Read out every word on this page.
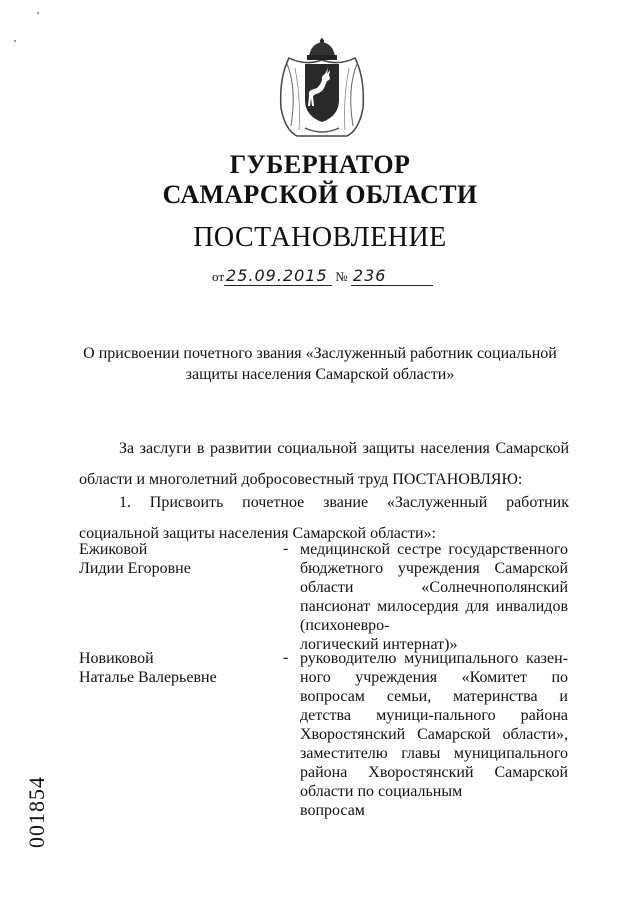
ГУБЕРНАТОР
САМАРСКОЙ ОБЛАСТИ
ПОСТАНОВЛЕНИЕ
от 25.09.2015 № 236
О присвоении почетного звания «Заслуженный работник социальной
защиты населения Самарской области»
За заслуги в развитии социальной защиты населения Самарской области и многолетний добросовестный труд ПОСТАНОВЛЯЮ:
1. Присвоить почетное звание «Заслуженный работник социальной защиты населения Самарской области»:
Ежиковой
Лидии Егоровне
- медицинской сестре государственного бюджетного учреждения Самарской области «Солнечнополянский пансионат милосердия для инвалидов (психоневро-
логический интернат)»
Новиковой
Наталье Валерьевне
- руководителю муниципального казен-ного учреждения «Комитет по вопросам семьи, материнства и детства муници-пального района Хворостянский Самарской области», заместителю главы муниципального района Хворостянский Самарской области по социальным
вопросам
001854
